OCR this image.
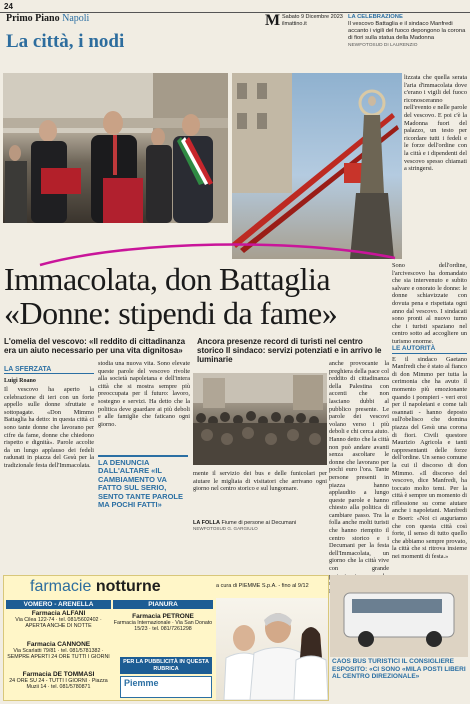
24
Primo Piano Napoli	M Sabato 9 Dicembre 2023
ilmattino.it
La città, i nodi
LA CELEBRAZIONE
Il vescovo Battaglia e il sindaco Manfredi accanto i vigili del fuoco depongono la corona di fiori sulla statua della Madonna
NEWFOTOSUD DI LAURENZIO
lizzata che quella serata l'aria d'immacolata dove c'erano i vigili del fuoco riconosceranno nell'evento e nelle parole del vescovo. E poi c'è la Madonna fuori del palazzo, un testo per ricordare tutti i fedeli e le forze dell'ordine con la città e i dipendenti del vescovo spesso chiamati a stringersi.
Immacolata, don Battaglia
«Donne: stipendi da fame»
L'omelia del vescovo: «Il reddito di cittadinanza era un aiuto necessario per una vita dignitosa»
Ancora presenze record di turisti nel centro storico Il sindaco: servizi potenziati e in arrivo le luminarie
Sono dell'ordine, l'arcivescovo ha domandato che sia intervenuto e subito salvare e onorato le donne: le donne schiavizzate con dovuta pena e rispettata ogni anno dal vescovo. I sindacati sono pronti al nuovo turno che i turisti spaziano nel centro sotto ad accogliere un turismo enorme.
LE AUTORITÀ
E il sindaco Gaetano Manfredi che è stato al fianco di don Mimmo per tutta la cerimonia che ha avuto il momento più emozionante quando i pompieri - veri eroi per il napoletani e come tali osannati - hanno deposto sull'obelisco che domina piazza del Gesù una corona di fiori. Civili questore Maurizio Agricola e tanti rappresentanti delle forze dell'ordine. Un senso comune la cui il discorso di don Mimmo. «Il discorso del vescovo, dice Manfredi, ha toccato molto temi. Per la città è sempre un momento di riflessione su come aiutare anche i napoletani. Manfredi e Boeri: «Noi ci auguriamo che con questa città così forte, il senso di tutto quello che abbiamo sempre provato, la città che si ritrova insieme nei momenti di festa.»
LA SFERZATA
Luigi Roano
Il vescovo ha aperto la celebrazione di ieri con un forte appello sulle donne sfruttate e sottopagate. «Don Mimmo Battaglia ha detto: in questa città ci sono tante donne che lavorano per cifre da fame, donne che chiedono rispetto e dignità». Parole accolte da un lungo applauso dei fedeli radunati in piazza del Gesù per la tradizionale festa dell'Immacolata.
stodia una nuova vita. Sono elevate queste parole del vescovo rivolte alla società napoletana e dell'intera città che si mostra sempre più preoccupata per il futuro: lavoro, sostegno e servizi. Ha detto che la politica deve guardare ai più deboli e alle famiglie che faticano ogni giorno.
LA DENUNCIA DALL'ALTARE «IL CAMBIAMENTO VA FATTO SUL SERIO, SENTO TANTE PAROLE MA POCHI FATTI»
LA FOLLA Fiume di persone ai Decumani NEWFOTOSUD G. GARGIULO
anche provocante la preghiera della pace col reddito di cittadinanza della Palestina con accenti che non lasciano dubbi al pubblico presente. Le parole dei vescovi volano verso i più deboli e chi cerca aiuto. Hanno detto che la città non può andare avanti senza ascoltare le donne che lavorano per pochi euro l'ora. Tante persone presenti in piazza hanno applaudito a lungo queste parole e hanno chiesto alla politica di cambiare passo. Tra la folla anche molti turisti che hanno riempito il centro storico e i Decumani per la festa dell'Immacolata, un giorno che la città vive con grande
mente il servizio dei bus e delle funicolari per aiutare le migliaia di visitatori che arrivano ogni giorno nel centro storico e sul lungomare.
farmacie notturne	a cura di PIEMME S.p.A. - fino al 9/12
VOMERO - ARENELLA	PIANURA
Farmacia ALFANI
Via Cilea 122-74 · tel. 081/5602402 · APERTA ANCHE DI NOTTE
Farmacia CANNONE
Via Scarlatti 79/81 · tel. 081/5781382 · SEMPRE APERTI 24 ORE TUTTI I GIORNI
Farmacia DE TOMMASI
24 ORE SU 24 - TUTTI I GIORNI · Piazza Muzii 14 · tel. 081/5780871
Farmacia PETRONE
Farmacia Internazionale · Via San Donato 15/23 · tel. 081/7261298
PER LA PUBBLICITÀ IN QUESTA RUBRICA
Piemme
CAOS BUS TURISTICI IL CONSIGLIERE ESPOSITO: «CI SONO «MILA POSTI LIBERI AL CENTRO DIREZIONALE»
